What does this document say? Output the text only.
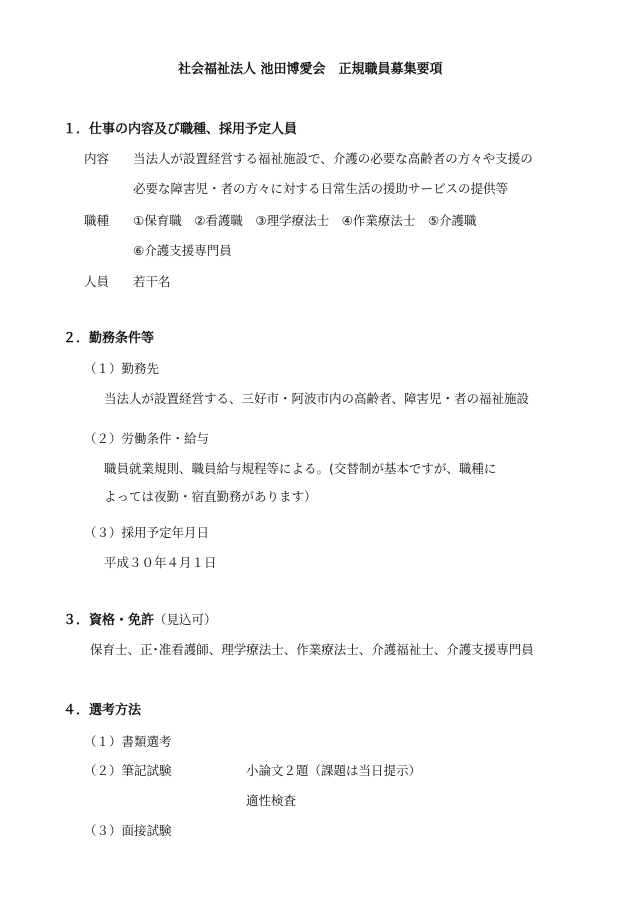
社会福祉法人 池田博愛会　正規職員募集要項
１．仕事の内容及び職種、採用予定人員
内容 当法人が設置経営する福祉施設で、介護の必要な高齢者の方々や支援の
必要な障害児・者の方々に対する日常生活の援助サービスの提供等
職種 ①保育職　②看護職　③理学療法士　④作業療法士　⑤介護職
⑥介護支援専門員
人員 若干名
２．勤務条件等
（１）勤務先
当法人が設置経営する、三好市・阿波市内の高齢者、障害児・者の福祉施設
（２）労働条件・給与
職員就業規則、職員給与規程等による。(交替制が基本ですが、職種に
よっては夜勤・宿直勤務があります）
（３）採用予定年月日
平成３０年４月１日
３．資格・免許（見込可）
保育士、正･准看護師、理学療法士、作業療法士、介護福祉士、介護支援専門員
４．選考方法
（１）書類選考
（２）筆記試験	小論文２題（課題は当日提示）
適性検査
（３）面接試験
